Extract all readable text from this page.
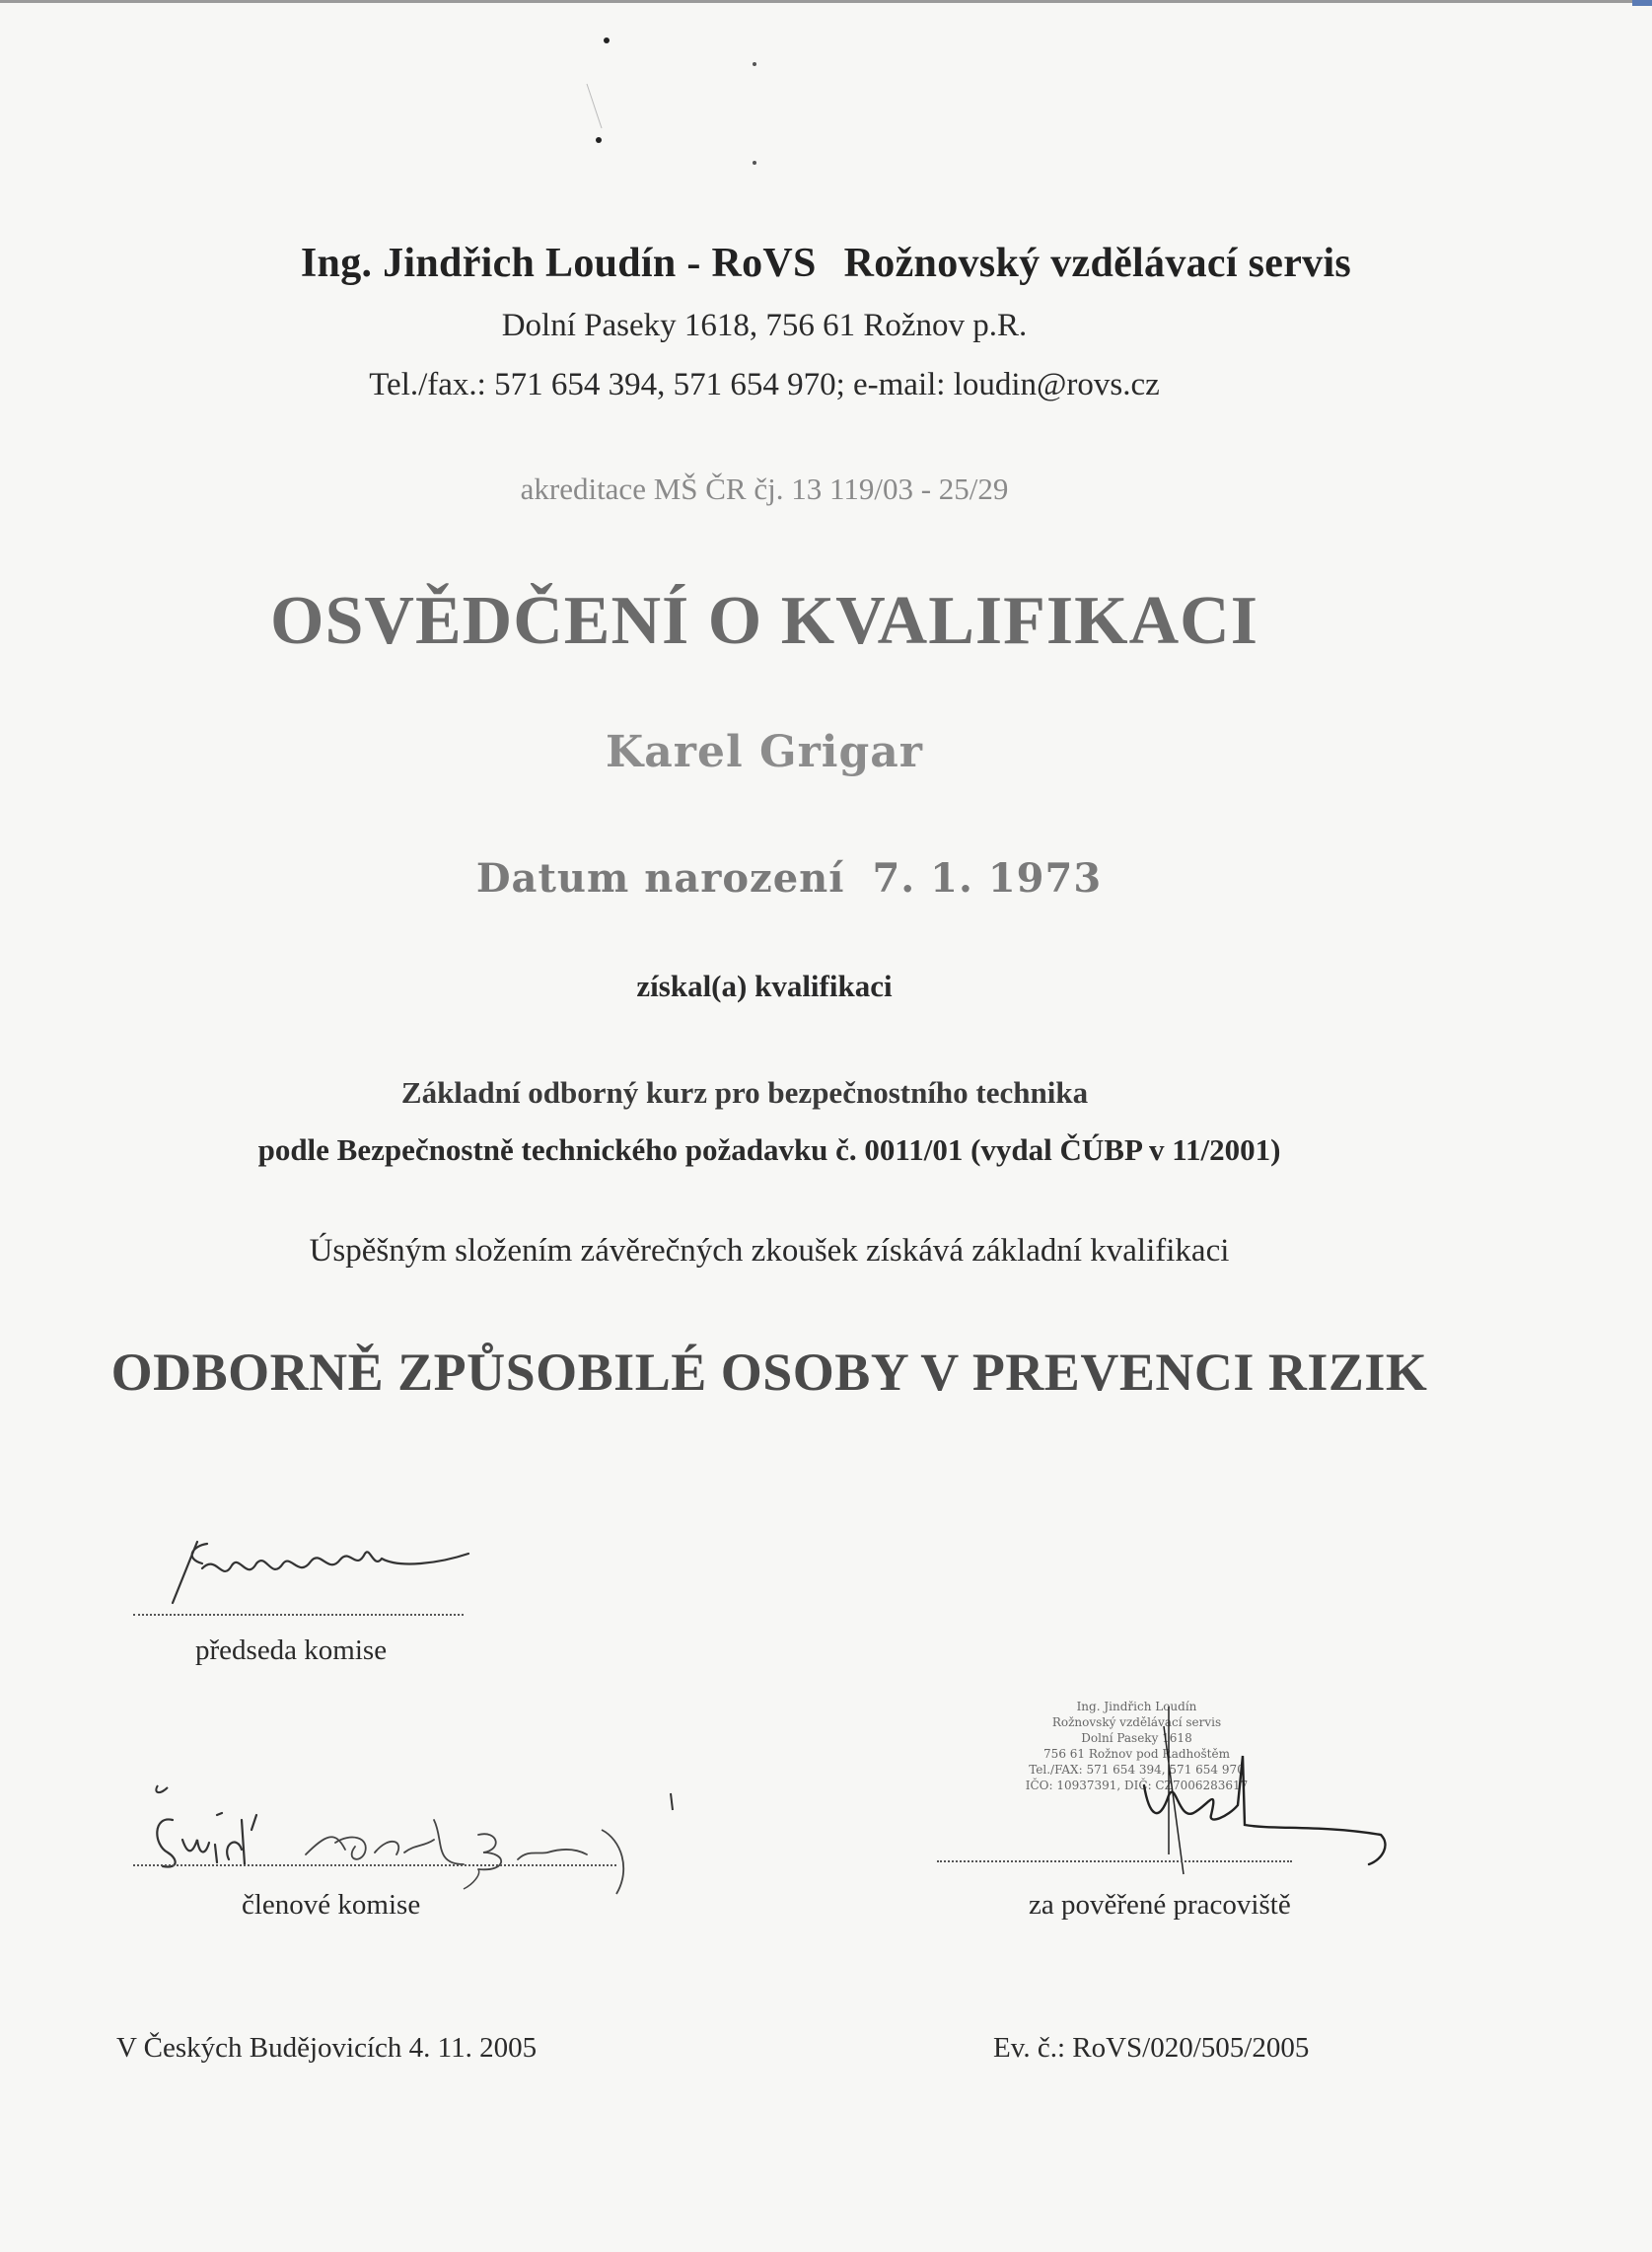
Ing. Jindřich Loudín - RoVS Rožnovský vzdělávací servis
Dolní Paseky 1618, 756 61 Rožnov p.R.
Tel./fax.: 571 654 394, 571 654 970; e-mail: loudin@rovs.cz
akreditace MŠ ČR čj. 13 119/03 - 25/29
OSVĚDČENÍ O KVALIFIKACI
Karel Grigar
Datum narození 7. 1. 1973
získal(a) kvalifikaci
Základní odborný kurz pro bezpečnostního technika
podle Bezpečnostně technického požadavku č. 0011/01 (vydal ČÚBP v 11/2001)
Úspěšným složením závěrečných zkoušek získává základní kvalifikaci
ODBORNĚ ZPŮSOBILÉ OSOBY V PREVENCI RIZIK
předseda komise
členové komise
Ing. Jindřich Loudín
Rožnovský vzdělávací servis
Dolní Paseky 1618
756 61 Rožnov pod Radhoštěm
Tel./FAX: 571 654 394, 571 654 970
IČO: 10937391, DIČ: CZ7006283617
za pověřené pracoviště
V Českých Budějovicích 4. 11. 2005	Ev. č.: RoVS/020/505/2005
